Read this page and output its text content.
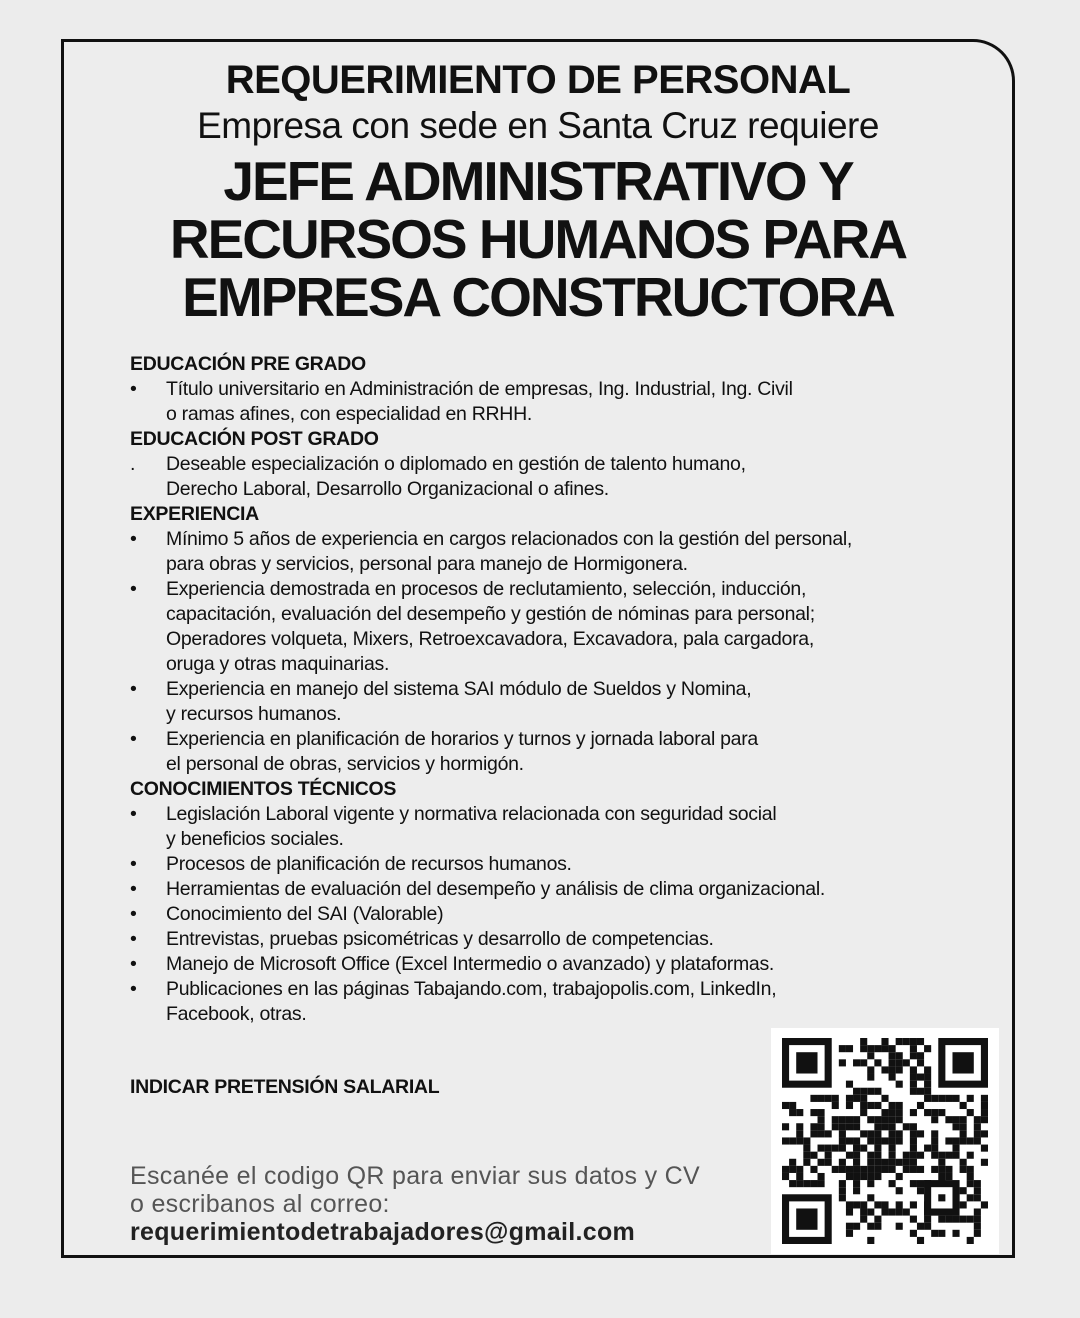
REQUERIMIENTO DE PERSONAL
Empresa con sede en Santa Cruz requiere
JEFE ADMINISTRATIVO Y
RECURSOS HUMANOS PARA
EMPRESA CONSTRUCTORA
EDUCACIÓN PRE GRADO
•	Título universitario en Administración de empresas, Ing. Industrial, Ing. Civil
o ramas afines, con especialidad en RRHH.
EDUCACIÓN POST GRADO
.	Deseable especialización o diplomado en gestión de talento humano,
Derecho Laboral, Desarrollo Organizacional o afines.
EXPERIENCIA
•	Mínimo 5 años de experiencia en cargos relacionados con la gestión del personal,
para obras y servicios, personal para manejo de Hormigonera.
•	Experiencia demostrada en procesos de reclutamiento, selección, inducción,
capacitación, evaluación del desempeño y gestión de nóminas para personal;
Operadores volqueta, Mixers, Retroexcavadora, Excavadora, pala cargadora,
oruga y otras maquinarias.
•	Experiencia en manejo del sistema SAI módulo de Sueldos y Nomina,
y recursos humanos.
•	Experiencia en planificación de horarios y turnos y jornada laboral para
el personal de obras, servicios y hormigón.
CONOCIMIENTOS TÉCNICOS
•	Legislación Laboral vigente y normativa relacionada con seguridad social
y beneficios sociales.
•	Procesos de planificación de recursos humanos.
•	Herramientas de evaluación del desempeño y análisis de clima organizacional.
•	Conocimiento del SAI (Valorable)
•	Entrevistas, pruebas psicométricas y desarrollo de competencias.
•	Manejo de Microsoft Office (Excel Intermedio o avanzado) y plataformas.
•	Publicaciones en las páginas Tabajando.com, trabajopolis.com, LinkedIn,
Facebook, otras.
INDICAR PRETENSIÓN SALARIAL
Escanée el codigo QR para enviar sus datos y CV
o escribanos al correo:
requerimientodetrabajadores@gmail.com
